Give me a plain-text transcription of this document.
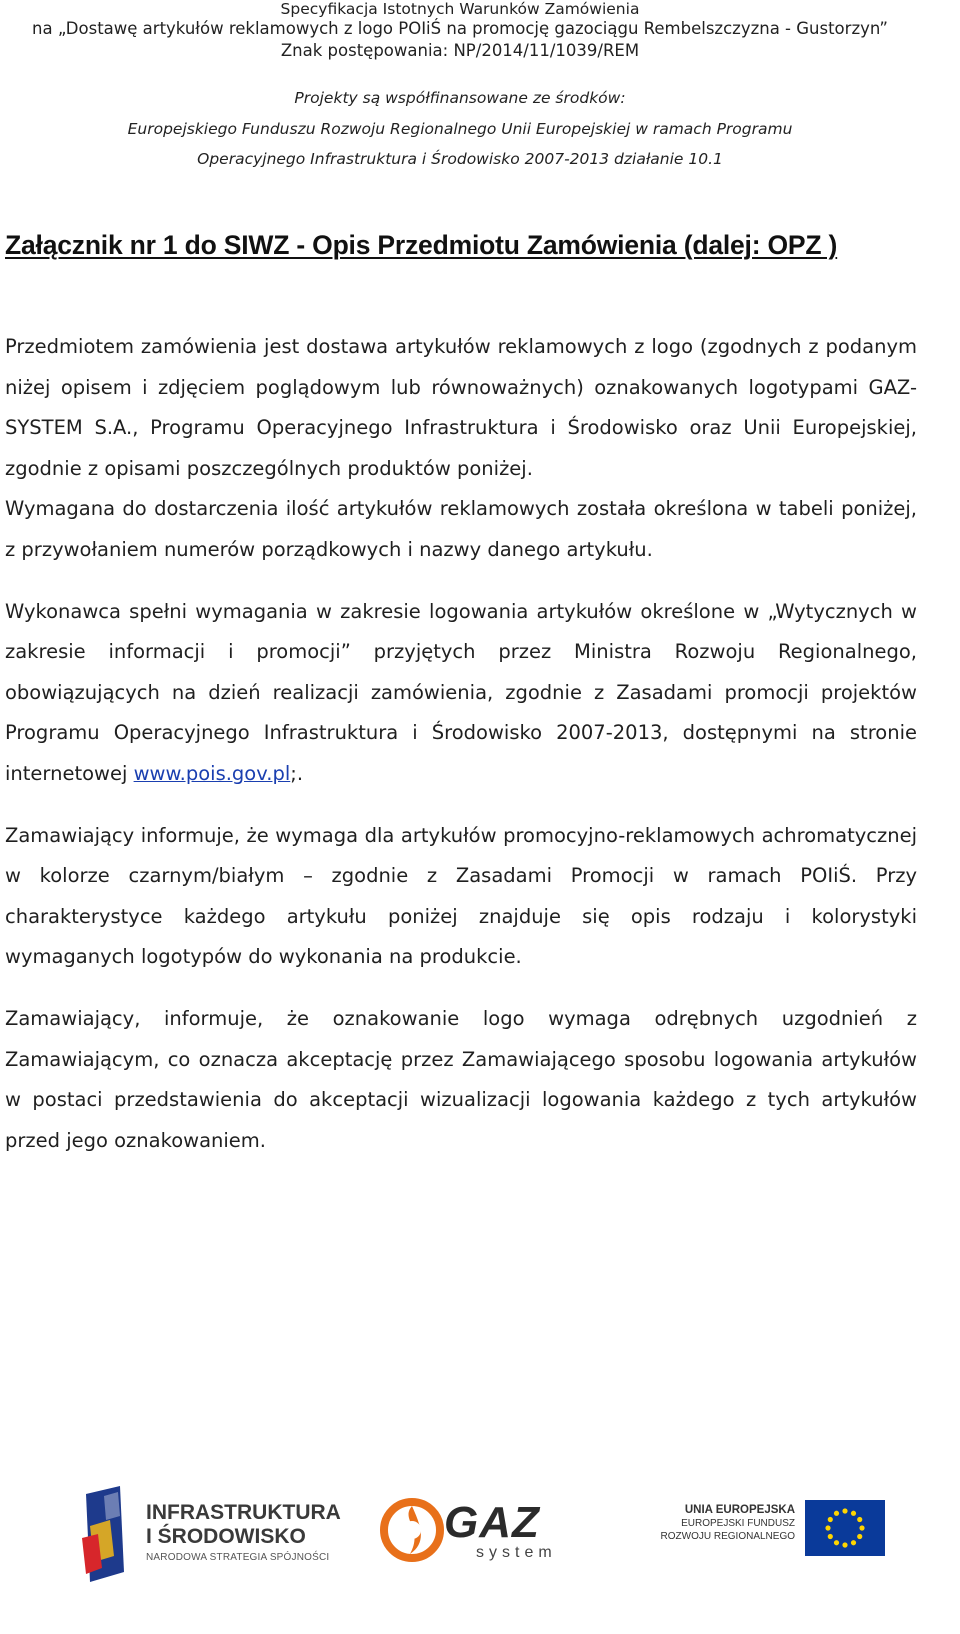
Specyfikacja Istotnych Warunków Zamówienia
na „Dostawę artykułów reklamowych z logo POIiŚ na promocję gazociągu Rembelszczyzna - Gustorzyn”
Znak postępowania: NP/2014/11/1039/REM
Projekty są współfinansowane ze środków:
Europejskiego Funduszu Rozwoju Regionalnego Unii Europejskiej w ramach Programu
Operacyjnego Infrastruktura i Środowisko 2007-2013 działanie 10.1
Załącznik nr 1 do SIWZ - Opis Przedmiotu Zamówienia (dalej: OPZ )

Przedmiotem zamówienia jest dostawa artykułów reklamowych z logo (zgodnych z podanym niżej opisem i zdjęciem poglądowym lub równoważnych) oznakowanych logotypami GAZ-SYSTEM S.A., Programu Operacyjnego Infrastruktura i Środowisko oraz Unii Europejskiej, zgodnie z opisami poszczególnych produktów poniżej.

Wymagana do dostarczenia ilość artykułów reklamowych została określona w tabeli poniżej, z przywołaniem numerów porządkowych i nazwy danego artykułu.

Wykonawca spełni wymagania w zakresie logowania artykułów określone w „Wytycznych w zakresie informacji i promocji” przyjętych przez Ministra Rozwoju Regionalnego, obowiązujących na dzień realizacji zamówienia, zgodnie z Zasadami promocji projektów Programu Operacyjnego Infrastruktura i Środowisko 2007-2013, dostępnymi na stronie internetowej www.pois.gov.pl;.

Zamawiający informuje, że wymaga dla artykułów promocyjno-reklamowych achromatycznej w kolorze czarnym/białym – zgodnie z Zasadami Promocji w ramach POIiŚ. Przy charakterystyce każdego artykułu poniżej znajduje się opis rodzaju i kolorystyki wymaganych logotypów do wykonania na produkcie.

Zamawiający, informuje, że oznakowanie logo wymaga odrębnych uzgodnień z Zamawiającym, co oznacza akceptację przez Zamawiającego sposobu logowania artykułów w postaci przedstawienia do akceptacji wizualizacji logowania każdego z tych artykułów przed jego oznakowaniem.

INFRASTRUKTURA
I ŚRODOWISKO
NARODOWA STRATEGIA SPÓJNOŚCI
GAZ
system
UNIA EUROPEJSKA
EUROPEJSKI FUNDUSZ
ROZWOJU REGIONALNEGO
